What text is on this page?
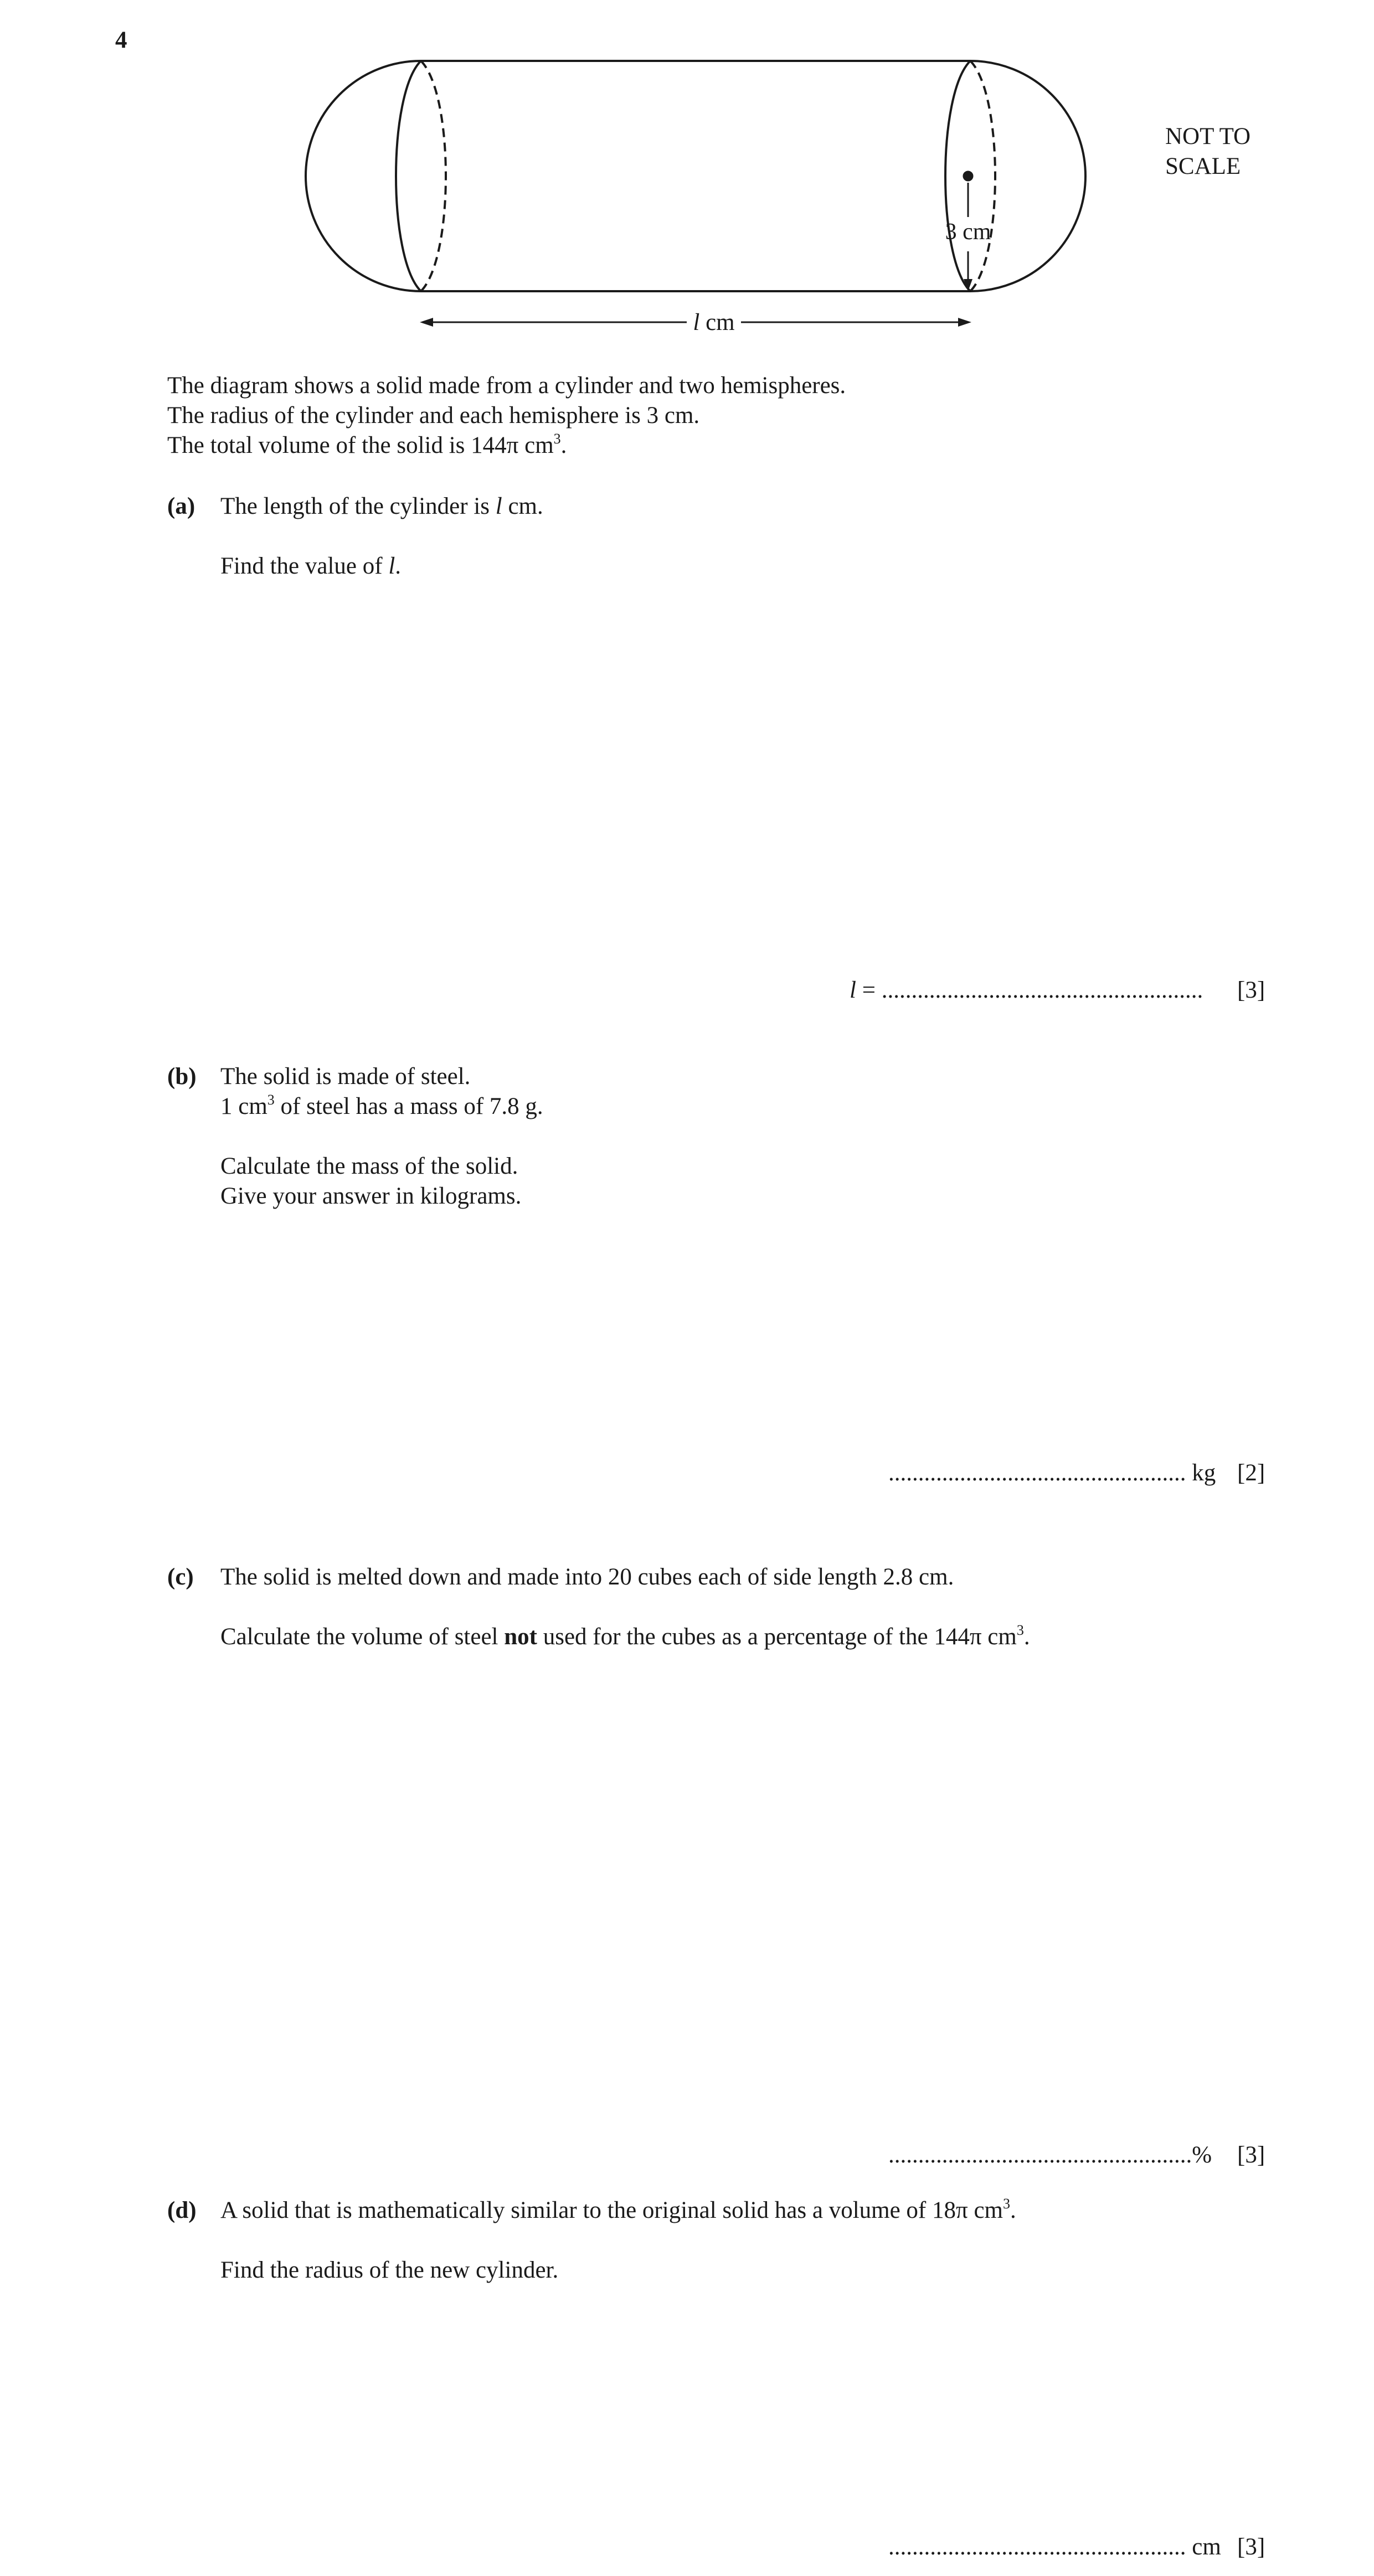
4
3 cm
l cm
NOT TO
SCALE
The diagram shows a solid made from a cylinder and two hemispheres.
The radius of the cylinder and each hemisphere is 3 cm.
The total volume of the solid is 144π $cm^3$.
(a) The length of the cylinder is l cm.
Find the value of l.
l = ...................................................... [3]
(b) The solid is made of steel.
1 $cm^3$ of steel has a mass of 7.8 g.
Calculate the mass of the solid.
Give your answer in kilograms.
.................................................. kg [2]
(c) The solid is melted down and made into 20 cubes each of side length 2.8 cm.
Calculate the volume of steel not used for the cubes as a percentage of the 144π $cm^3$.
...................................................% [3]
(d) A solid that is mathematically similar to the original solid has a volume of 18π $cm^3$.
Find the radius of the new cylinder.
.................................................. cm [3]
